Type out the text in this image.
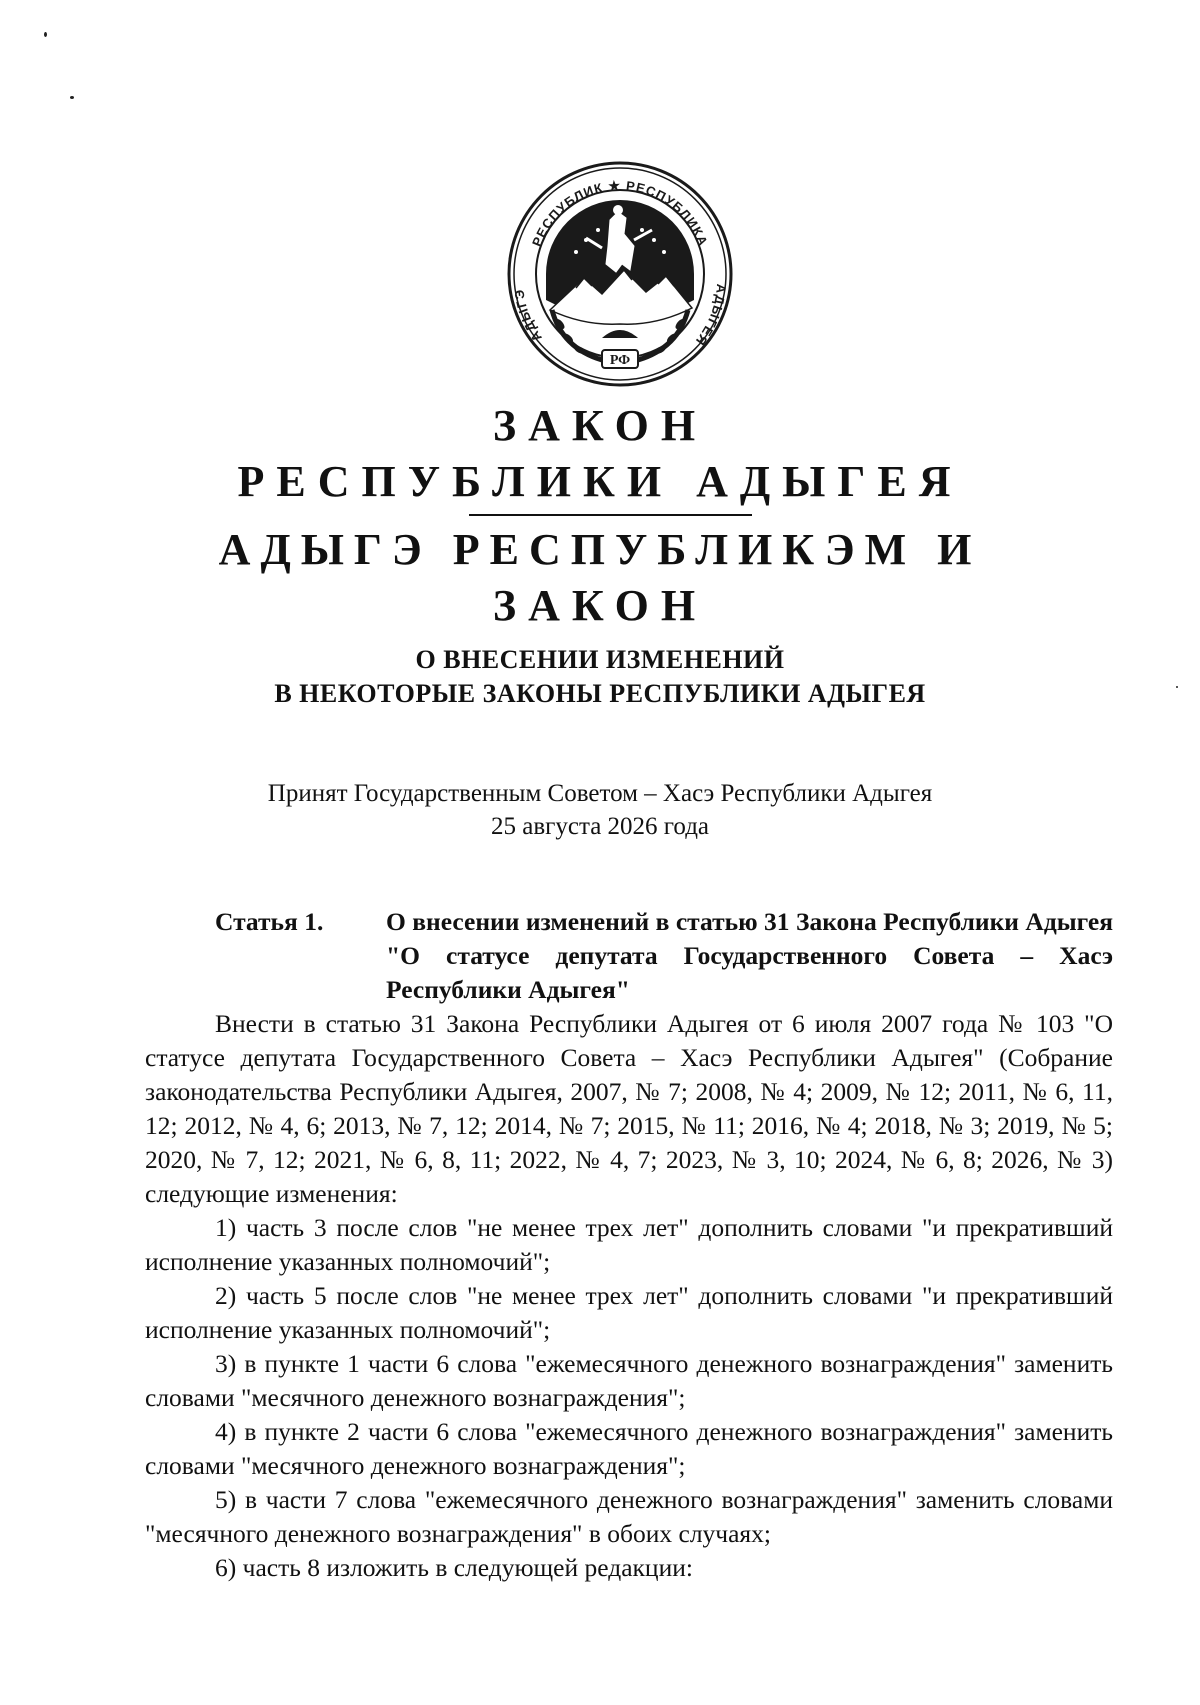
РЕСПУБЛИК ★ РЕСПУБЛИКА
АДЫГЭ	АДЫГЕЯ
РФ
ЗАКОН
РЕСПУБЛИКИ АДЫГЕЯ
АДЫГЭ РЕСПУБЛИКЭМ И
ЗАКОН
О ВНЕСЕНИИ ИЗМЕНЕНИЙ
В НЕКОТОРЫЕ ЗАКОНЫ РЕСПУБЛИКИ АДЫГЕЯ
Принят Государственным Советом – Хасэ Республики Адыгея
25 августа 2026 года
Статья 1. О внесении изменений в статью 31 Закона Республики Адыгея "О статусе депутата Государственного Совета – Хасэ Республики Адыгея"

Внести в статью 31 Закона Республики Адыгея от 6 июля 2007 года № 103 "О статусе депутата Государственного Совета – Хасэ Республики Адыгея" (Собрание законодательства Республики Адыгея, 2007, № 7; 2008, № 4; 2009, № 12; 2011, № 6, 11, 12; 2012, № 4, 6; 2013, № 7, 12; 2014, № 7; 2015, № 11; 2016, № 4; 2018, № 3; 2019, № 5; 2020, № 7, 12; 2021, № 6, 8, 11; 2022, № 4, 7; 2023, № 3, 10; 2024, № 6, 8; 2026, № 3) следующие изменения:

1) часть 3 после слов "не менее трех лет" дополнить словами "и прекративший исполнение указанных полномочий";

2) часть 5 после слов "не менее трех лет" дополнить словами "и прекративший исполнение указанных полномочий";

3) в пункте 1 части 6 слова "ежемесячного денежного вознаграждения" заменить словами "месячного денежного вознаграждения";

4) в пункте 2 части 6 слова "ежемесячного денежного вознаграждения" заменить словами "месячного денежного вознаграждения";

5) в части 7 слова "ежемесячного денежного вознаграждения" заменить словами "месячного денежного вознаграждения" в обоих случаях;

6) часть 8 изложить в следующей редакции:
